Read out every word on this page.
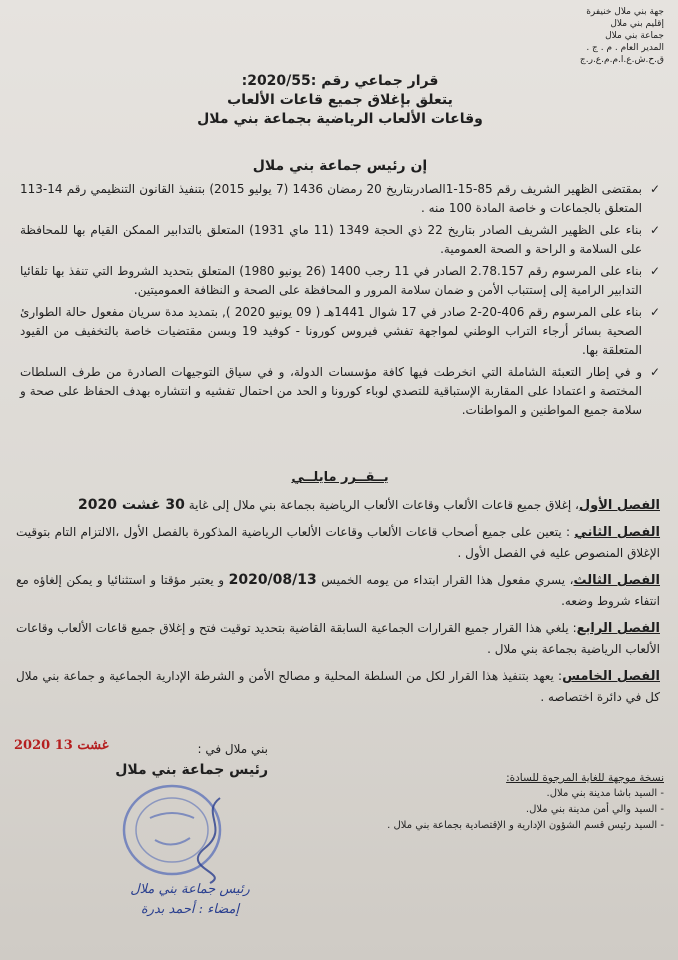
جهة بني ملال خنيفرة
إقليم بني ملال
جماعة بني ملال
المدير العام . م . ج .
ق.ح.ش.ع.ا.م.م.ع.ر.ج
قرار جماعي رقم :2020/55:
يتعلق بإغلاق جميع قاعات الألعاب
وقاعات الألعاب الرياضية بجماعة بني ملال
إن رئيس جماعة بني ملال
✓ بمقتضى الظهير الشريف رقم 85-15-1الصادربتاريخ 20 رمضان 1436 (7 يوليو 2015) بتنفيذ القانون التنظيمي رقم 14-113 المتعلق بالجماعات و خاصة المادة 100 منه .
✓ بناء على الظهير الشريف الصادر بتاريخ 22 ذي الحجة 1349 (11 ماي 1931) المتعلق بالتدابير الممكن القيام بها للمحافظة على السلامة و الراحة و الصحة العمومية.
✓ بناء على المرسوم رقم 2.78.157 الصادر في 11 رجب 1400 (26 يونيو 1980) المتعلق بتحديد الشروط التي تنفذ بها تلقائيا التدابير الرامية إلى إستتباب الأمن و ضمان سلامة المرور و المحافظة على الصحة و النظافة العموميتين.
✓ بناء على المرسوم رقم 406-20-2 صادر في 17 شوال 1441هـ ( 09 يونيو 2020 ), بتمديد مدة سريان مفعول حالة الطوارئ الصحية بسائر أرجاء التراب الوطني لمواجهة تفشي فيروس كورونا - كوفيد 19 وبسن مقتضيات خاصة بالتخفيف من القيود المتعلقة بها.
✓ و في إطار التعبئة الشاملة التي انخرطت فيها كافة مؤسسات الدولة، و في سياق التوجيهات الصادرة من طرف السلطات المختصة و اعتمادا على المقاربة الإستباقية للتصدي لوباء كورونا و الحد من احتمال تفشيه و انتشاره بهدف الحفاظ على صحة و سلامة جميع المواطنين و المواطنات.
يــقــرر مايلــي
الفصل الأول، إغلاق جميع قاعات الألعاب وقاعات الألعاب الرياضية بجماعة بني ملال إلى غاية 30 غشت 2020
الفصل الثاني : يتعين على جميع أصحاب قاعات الألعاب وقاعات الألعاب الرياضية المذكورة بالفصل الأول ،الالتزام التام بتوقيت الإغلاق المنصوص عليه في الفصل الأول .
الفصل الثالث، يسري مفعول هذا القرار ابتداء من يومه الخميس 2020/08/13 و يعتبر مؤقتا و استثنائيا و يمكن إلغاؤه مع انتفاء شروط وضعه.
الفصل الرابع: يلغي هذا القرار جميع القرارات الجماعية السابقة القاضية بتحديد توقيت فتح و إغلاق جميع قاعات الألعاب وقاعات الألعاب الرياضية بجماعة بني ملال .
الفصل الخامس: يعهد بتنفيذ هذا القرار لكل من السلطة المحلية و مصالح الأمن و الشرطة الإدارية الجماعية و جماعة بني ملال كل في دائرة اختصاصه .
2020 غشت 13	بني ملال في :
رئيس جماعة بني ملال	نسخة موجهة للغاية المرجوة للسادة:
- السيد باشا مدينة بني ملال.
- السيد والي أمن مدينة بني ملال.
- السيد رئيس قسم الشؤون الإدارية و الإقتصادية بجماعة بني ملال .
رئيس جماعة بني ملال
إمضاء : أحمد بدرة
